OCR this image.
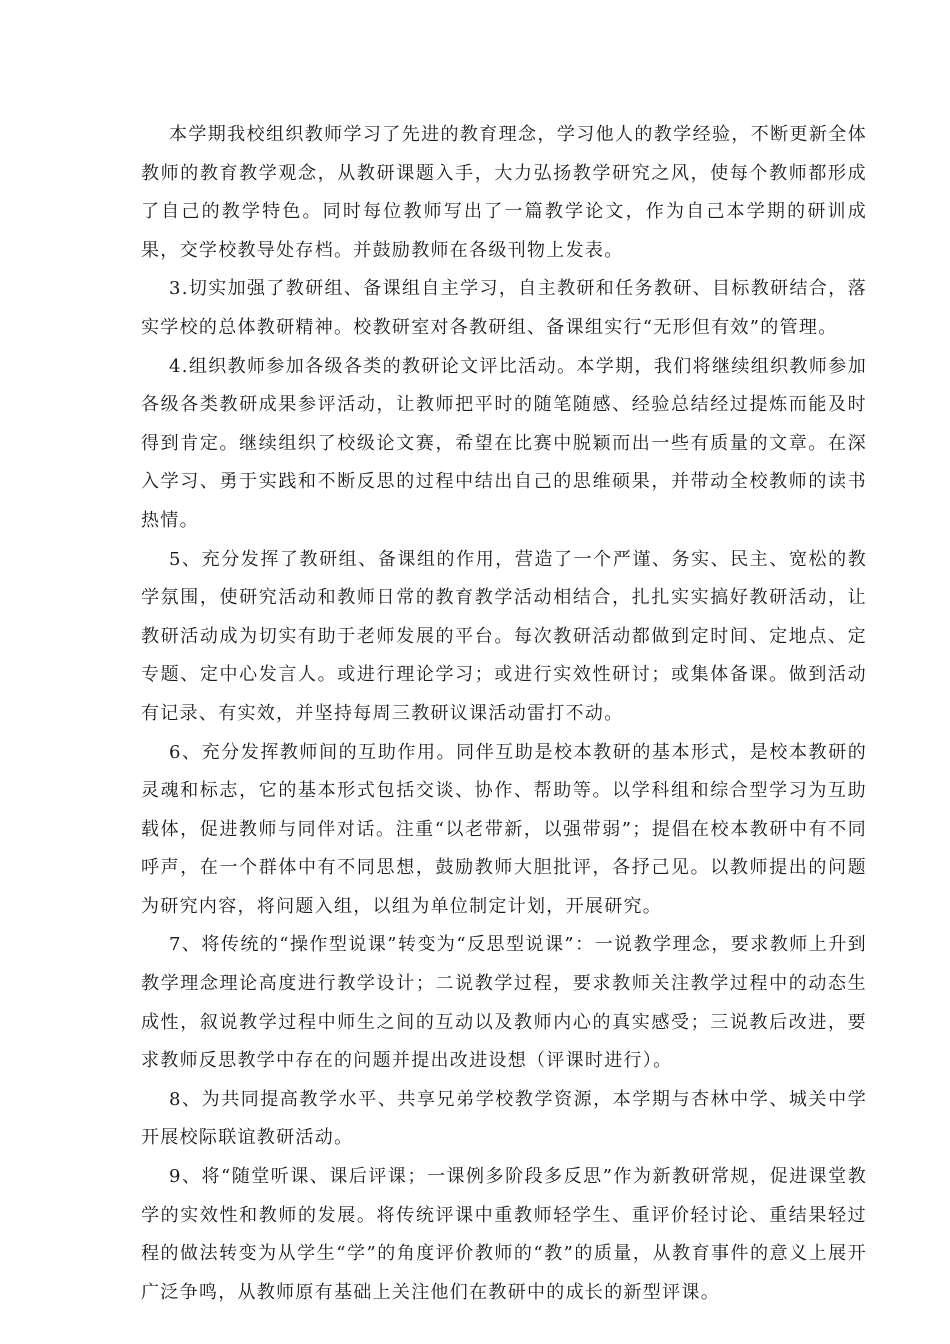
本学期我校组织教师学习了先进的教育理念，学习他人的教学经验，不断更新全体教师的教育教学观念，从教研课题入手，大力弘扬教学研究之风，使每个教师都形成了自己的教学特色。同时每位教师写出了一篇教学论文，作为自己本学期的研训成果，交学校教导处存档。并鼓励教师在各级刊物上发表。

3.切实加强了教研组、备课组自主学习，自主教研和任务教研、目标教研结合，落实学校的总体教研精神。校教研室对各教研组、备课组实行“无形但有效”的管理。

4.组织教师参加各级各类的教研论文评比活动。本学期，我们将继续组织教师参加各级各类教研成果参评活动，让教师把平时的随笔随感、经验总结经过提炼而能及时得到肯定。继续组织了校级论文赛，希望在比赛中脱颖而出一些有质量的文章。在深入学习、勇于实践和不断反思的过程中结出自己的思维硕果，并带动全校教师的读书热情。

5、充分发挥了教研组、备课组的作用，营造了一个严谨、务实、民主、宽松的教学氛围，使研究活动和教师日常的教育教学活动相结合，扎扎实实搞好教研活动，让教研活动成为切实有助于老师发展的平台。每次教研活动都做到定时间、定地点、定专题、定中心发言人。或进行理论学习；或进行实效性研讨；或集体备课。做到活动有记录、有实效，并坚持每周三教研议课活动雷打不动。

6、充分发挥教师间的互助作用。同伴互助是校本教研的基本形式，是校本教研的灵魂和标志，它的基本形式包括交谈、协作、帮助等。以学科组和综合型学习为互助载体，促进教师与同伴对话。注重“以老带新，以强带弱”；提倡在校本教研中有不同呼声，在一个群体中有不同思想，鼓励教师大胆批评，各抒己见。以教师提出的问题为研究内容，将问题入组，以组为单位制定计划，开展研究。

7、将传统的“操作型说课”转变为“反思型说课”：一说教学理念，要求教师上升到教学理念理论高度进行教学设计；二说教学过程，要求教师关注教学过程中的动态生成性，叙说教学过程中师生之间的互动以及教师内心的真实感受；三说教后改进，要求教师反思教学中存在的问题并提出改进设想（评课时进行）。

8、为共同提高教学水平、共享兄弟学校教学资源，本学期与杏林中学、城关中学开展校际联谊教研活动。

9、将“随堂听课、课后评课；一课例多阶段多反思”作为新教研常规，促进课堂教学的实效性和教师的发展。将传统评课中重教师轻学生、重评价轻讨论、重结果轻过程的做法转变为从学生“学”的角度评价教师的“教”的质量，从教育事件的意义上展开广泛争鸣，从教师原有基础上关注他们在教研中的成长的新型评课。
